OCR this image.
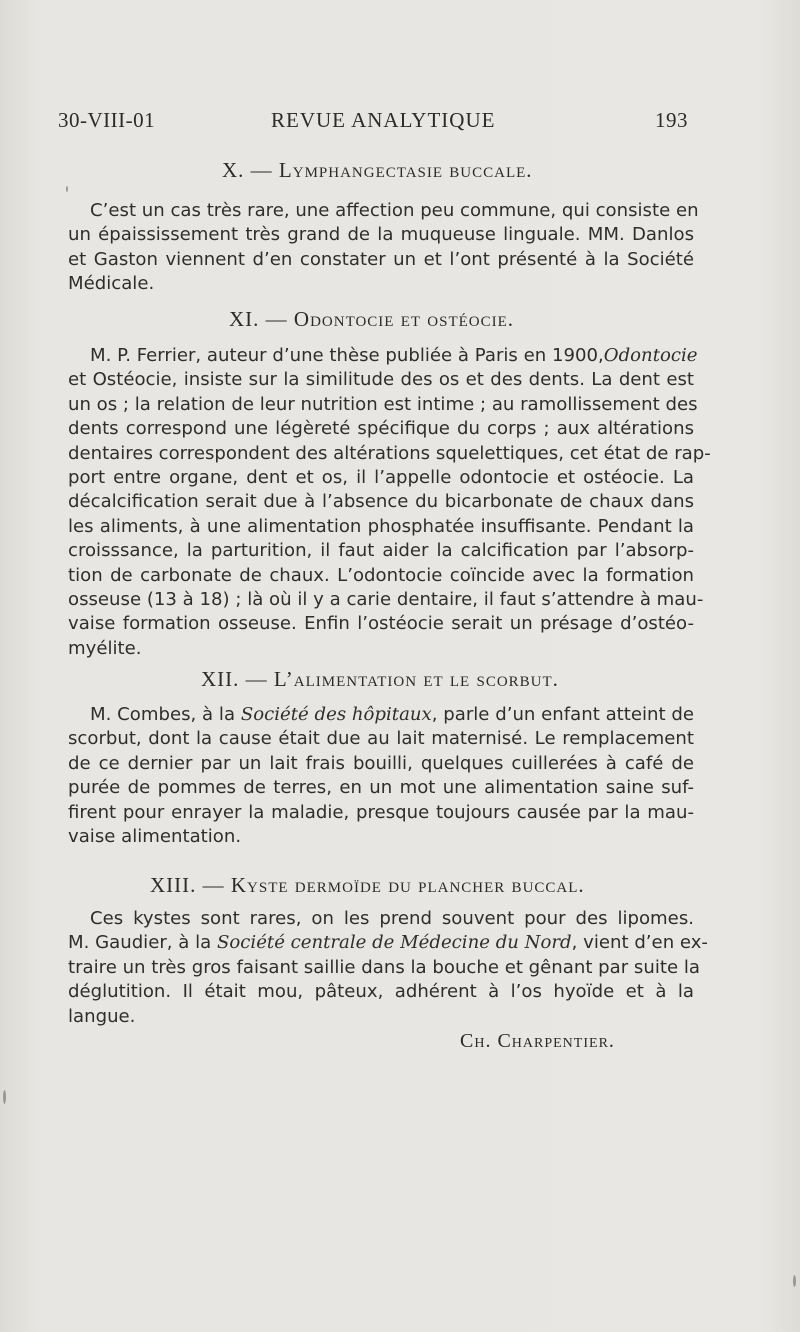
30-VIII-01	REVUE ANALYTIQUE	193
X. — Lymphangectasie buccale.
C’est un cas très rare, une affection peu commune, qui consiste en
un épaississement très grand de la muqueuse linguale. MM. Danlos
et Gaston viennent d’en constater un et l’ont présenté à la Société
Médicale.
XI. — Odontocie et ostéocie.
M. P. Ferrier, auteur d’une thèse publiée à Paris en 1900,Odontocie
et Ostéocie, insiste sur la similitude des os et des dents. La dent est
un os ; la relation de leur nutrition est intime ; au ramollissement des
dents correspond une légèreté spécifique du corps ; aux altérations
dentaires correspondent des altérations squelettiques, cet état de rap-
port entre organe, dent et os, il l’appelle odontocie et ostéocie. La
décalcification serait due à l’absence du bicarbonate de chaux dans
les aliments, à une alimentation phosphatée insuffisante. Pendant la
croisssance, la parturition, il faut aider la calcification par l’absorp-
tion de carbonate de chaux. L’odontocie coïncide avec la formation
osseuse (13 à 18) ; là où il y a carie dentaire, il faut s’attendre à mau-
vaise formation osseuse. Enfin l’ostéocie serait un présage d’ostéo-
myélite.
XII. — L’alimentation et le scorbut.
M. Combes, à la Société des hôpitaux, parle d’un enfant atteint de
scorbut, dont la cause était due au lait maternisé. Le remplacement
de ce dernier par un lait frais bouilli, quelques cuillerées à café de
purée de pommes de terres, en un mot une alimentation saine suf-
firent pour enrayer la maladie, presque toujours causée par la mau-
vaise alimentation.
XIII. — Kyste dermoïde du plancher buccal.
Ces kystes sont rares, on les prend souvent pour des lipomes.
M. Gaudier, à la Société centrale de Médecine du Nord, vient d’en ex-
traire un très gros faisant saillie dans la bouche et gênant par suite la
déglutition. Il était mou, pâteux, adhérent à l’os hyoïde et à la
langue.
Ch. Charpentier.
